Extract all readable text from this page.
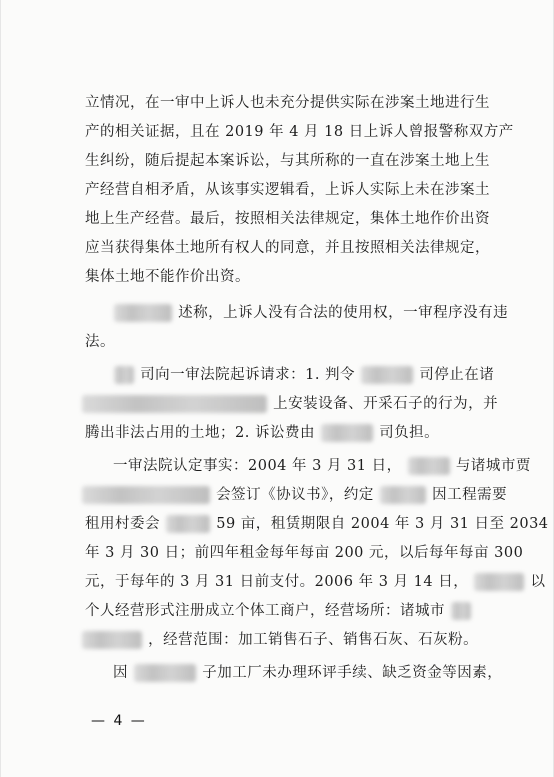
立情况，在一审中上诉人也未充分提供实际在涉案土地进行生
产的相关证据，且在 2019 年 4 月 18 日上诉人曾报警称双方产
生纠纷，随后提起本案诉讼，与其所称的一直在涉案土地上生
产经营自相矛盾，从该事实逻辑看，上诉人实际上未在涉案土
地上生产经营。最后，按照相关法律规定，集体土地作价出资
应当获得集体土地所有权人的同意，并且按照相关法律规定，
集体土地不能作价出资。
述称，上诉人没有合法的使用权，一审程序没有违
法。
司向一审法院起诉请求：1. 判令	司停止在诸
上安装设备、开采石子的行为，并
腾出非法占用的土地；2. 诉讼费由	司负担。
一审法院认定事实：2004 年 3 月 31 日，	与诸城市贾
会签订《协议书》，约定	因工程需要
租用村委会	59 亩，租赁期限自 2004 年 3 月 31 日至 2034
年 3 月 30 日；前四年租金每年每亩 200 元，以后每年每亩 300
元，于每年的 3 月 31 日前支付。2006 年 3 月 14 日，	以
个人经营形式注册成立个体工商户，经营场所：诸城市
，经营范围：加工销售石子、销售石灰、石灰粉。
因	子加工厂未办理环评手续、缺乏资金等因素，
— 4 —
